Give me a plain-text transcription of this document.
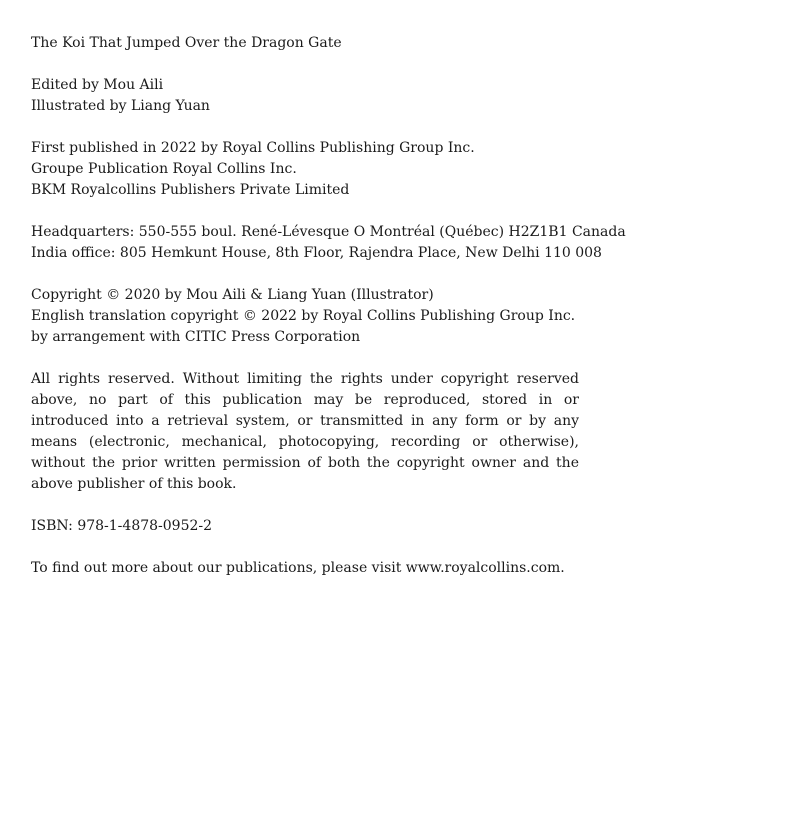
The Koi That Jumped Over the Dragon Gate
Edited by Mou Aili
Illustrated by Liang Yuan
First published in 2022 by Royal Collins Publishing Group Inc.
Groupe Publication Royal Collins Inc.
BKM Royalcollins Publishers Private Limited
Headquarters: 550-555 boul. René-Lévesque O Montréal (Québec) H2Z1B1 Canada
India office: 805 Hemkunt House, 8th Floor, Rajendra Place, New Delhi 110 008
Copyright © 2020 by Mou Aili & Liang Yuan (Illustrator)
English translation copyright © 2022 by Royal Collins Publishing Group Inc.
by arrangement with CITIC Press Corporation
All rights reserved. Without limiting the rights under copyright reserved above, no part of this publication may be reproduced, stored in or introduced into a retrieval system, or transmitted in any form or by any means (electronic, mechanical, photocopying, recording or otherwise), without the prior written permission of both the copyright owner and the above publisher of this book.
ISBN: 978-1-4878-0952-2
To find out more about our publications, please visit www.royalcollins.com.
